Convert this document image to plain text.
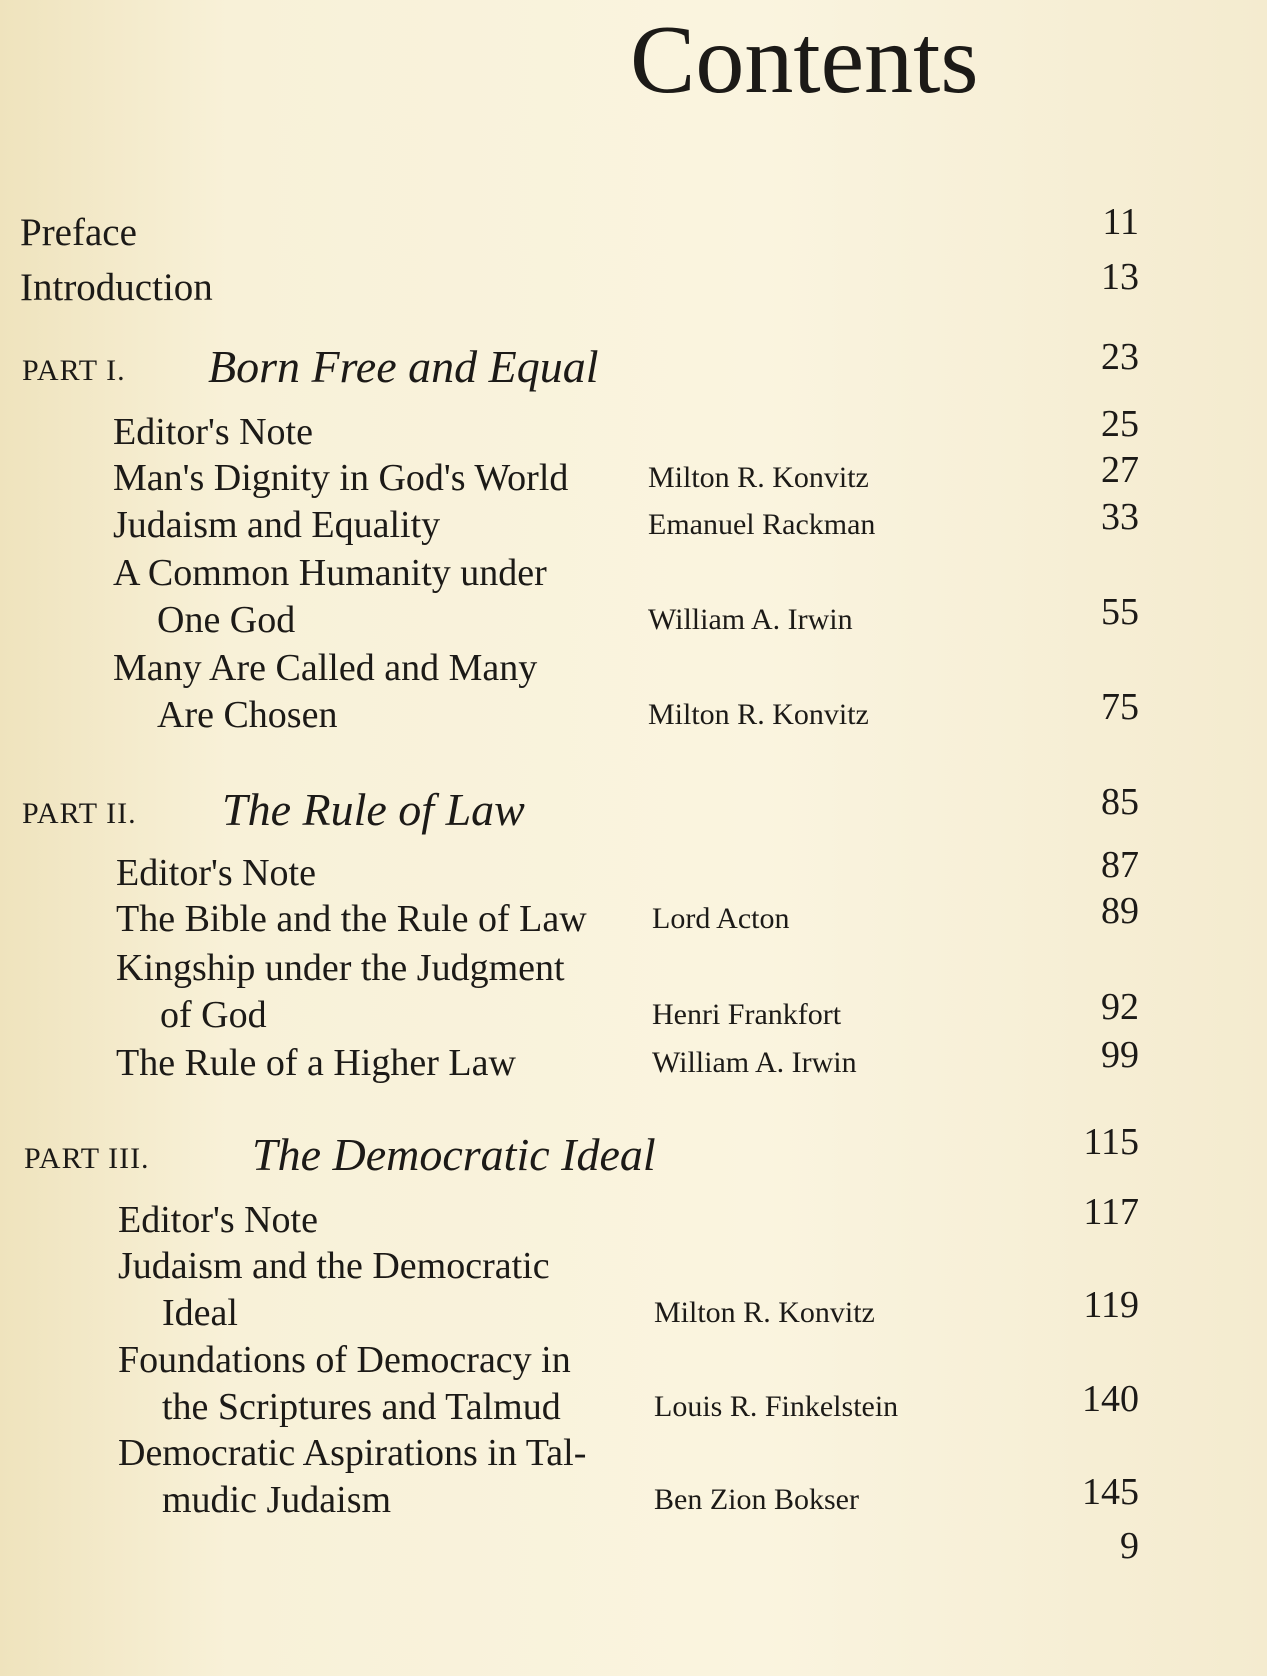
Contents
Preface	11
Introduction	13
PART I. Born Free and Equal	23
Editor's Note	25
Man's Dignity in God's World	Milton R. Konvitz	27
Judaism and Equality	Emanuel Rackman	33
A Common Humanity under
One God	William A. Irwin	55
Many Are Called and Many
Are Chosen	Milton R. Konvitz	75
PART II. The Rule of Law	85
Editor's Note	87
The Bible and the Rule of Law Lord Acton	89
Kingship under the Judgment
of God	Henri Frankfort	92
The Rule of a Higher Law	William A. Irwin	99
PART III. The Democratic Ideal	115
Editor's Note	117
Judaism and the Democratic
Ideal	Milton R. Konvitz	119
Foundations of Democracy in
the Scriptures and Talmud	Louis R. Finkelstein	140
Democratic Aspirations in Tal-
mudic Judaism	Ben Zion Bokser	145
9
